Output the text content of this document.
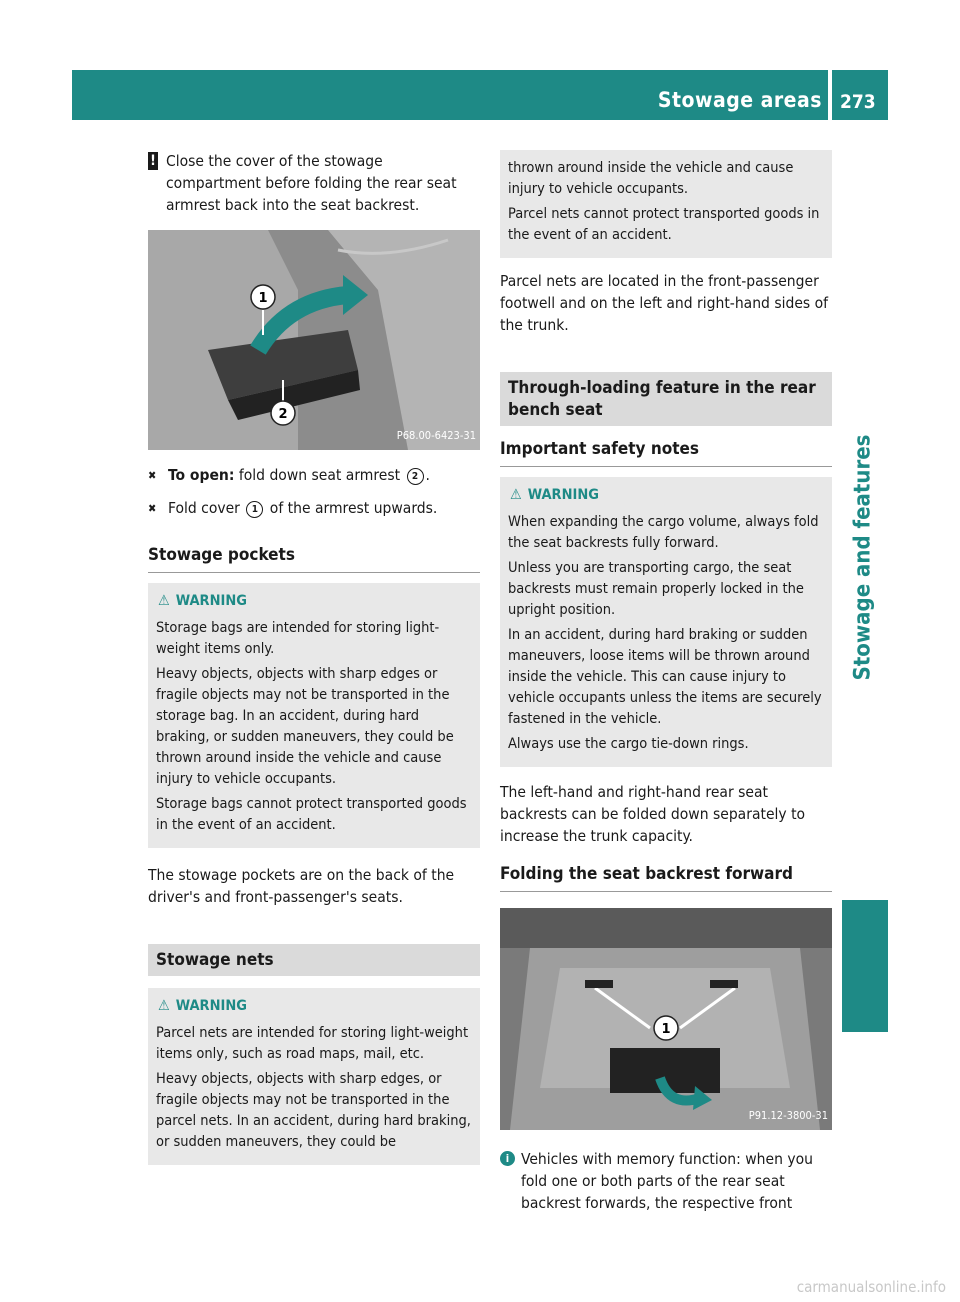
Stowage areas 273
Stowage and features
! Close the cover of the stowage compartment before folding the rear seat armrest back into the seat backrest.

1
2
P68.00-6423-31
✖ To open: fold down seat armrest 2 .

✖ Fold cover 1 of the armrest upwards.

Stowage pockets
⚠ WARNING

Storage bags are intended for storing light-weight items only.

Heavy objects, objects with sharp edges or fragile objects may not be transported in the storage bag. In an accident, during hard braking, or sudden maneuvers, they could be thrown around inside the vehicle and cause injury to vehicle occupants.

Storage bags cannot protect transported goods in the event of an accident.

The stowage pockets are on the back of the driver's and front-passenger's seats.

Stowage nets
⚠ WARNING

Parcel nets are intended for storing light-weight items only, such as road maps, mail, etc.

Heavy objects, objects with sharp edges, or fragile objects may not be transported in the parcel nets. In an accident, during hard braking, or sudden maneuvers, they could be

thrown around inside the vehicle and cause injury to vehicle occupants.

Parcel nets cannot protect transported goods in the event of an accident.

Parcel nets are located in the front-passenger footwell and on the left and right-hand sides of the trunk.

Through-loading feature in the rear bench seat
Important safety notes
⚠ WARNING

When expanding the cargo volume, always fold the seat backrests fully forward.

Unless you are transporting cargo, the seat backrests must remain properly locked in the upright position.

In an accident, during hard braking or sudden maneuvers, loose items will be thrown around inside the vehicle. This can cause injury to vehicle occupants unless the items are securely fastened in the vehicle.

Always use the cargo tie-down rings.

The left-hand and right-hand rear seat backrests can be folded down separately to increase the trunk capacity.

Folding the seat backrest forward
1
P91.12-3800-31
i Vehicles with memory function: when you fold one or both parts of the rear seat backrest forwards, the respective front

carmanualsonline.info
